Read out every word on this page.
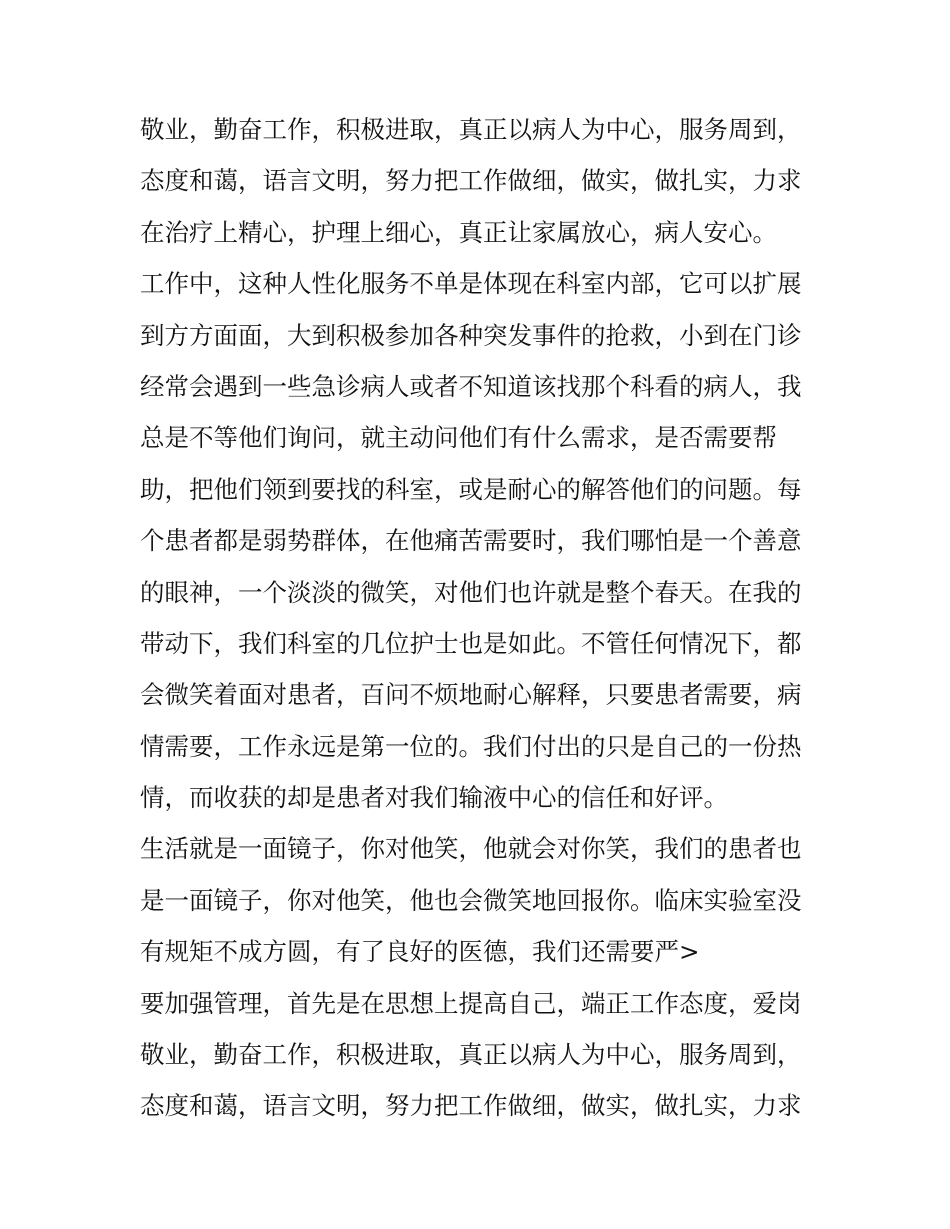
敬业，勤奋工作，积极进取，真正以病人为中心，服务周到，
态度和蔼，语言文明，努力把工作做细，做实，做扎实，力求
在治疗上精心，护理上细心，真正让家属放心，病人安心。
工作中，这种人性化服务不单是体现在科室内部，它可以扩展
到方方面面，大到积极参加各种突发事件的抢救，小到在门诊
经常会遇到一些急诊病人或者不知道该找那个科看的病人，我
总是不等他们询问，就主动问他们有什么需求，是否需要帮
助，把他们领到要找的科室，或是耐心的解答他们的问题。每
个患者都是弱势群体，在他痛苦需要时，我们哪怕是一个善意
的眼神，一个淡淡的微笑，对他们也许就是整个春天。在我的
带动下，我们科室的几位护士也是如此。不管任何情况下，都
会微笑着面对患者，百问不烦地耐心解释，只要患者需要，病
情需要，工作永远是第一位的。我们付出的只是自己的一份热
情，而收获的却是患者对我们输液中心的信任和好评。
生活就是一面镜子，你对他笑，他就会对你笑，我们的患者也
是一面镜子，你对他笑，他也会微笑地回报你。临床实验室没
有规矩不成方圆，有了良好的医德，我们还需要严>
要加强管理，首先是在思想上提高自己，端正工作态度，爱岗
敬业，勤奋工作，积极进取，真正以病人为中心，服务周到，
态度和蔼，语言文明，努力把工作做细，做实，做扎实，力求
